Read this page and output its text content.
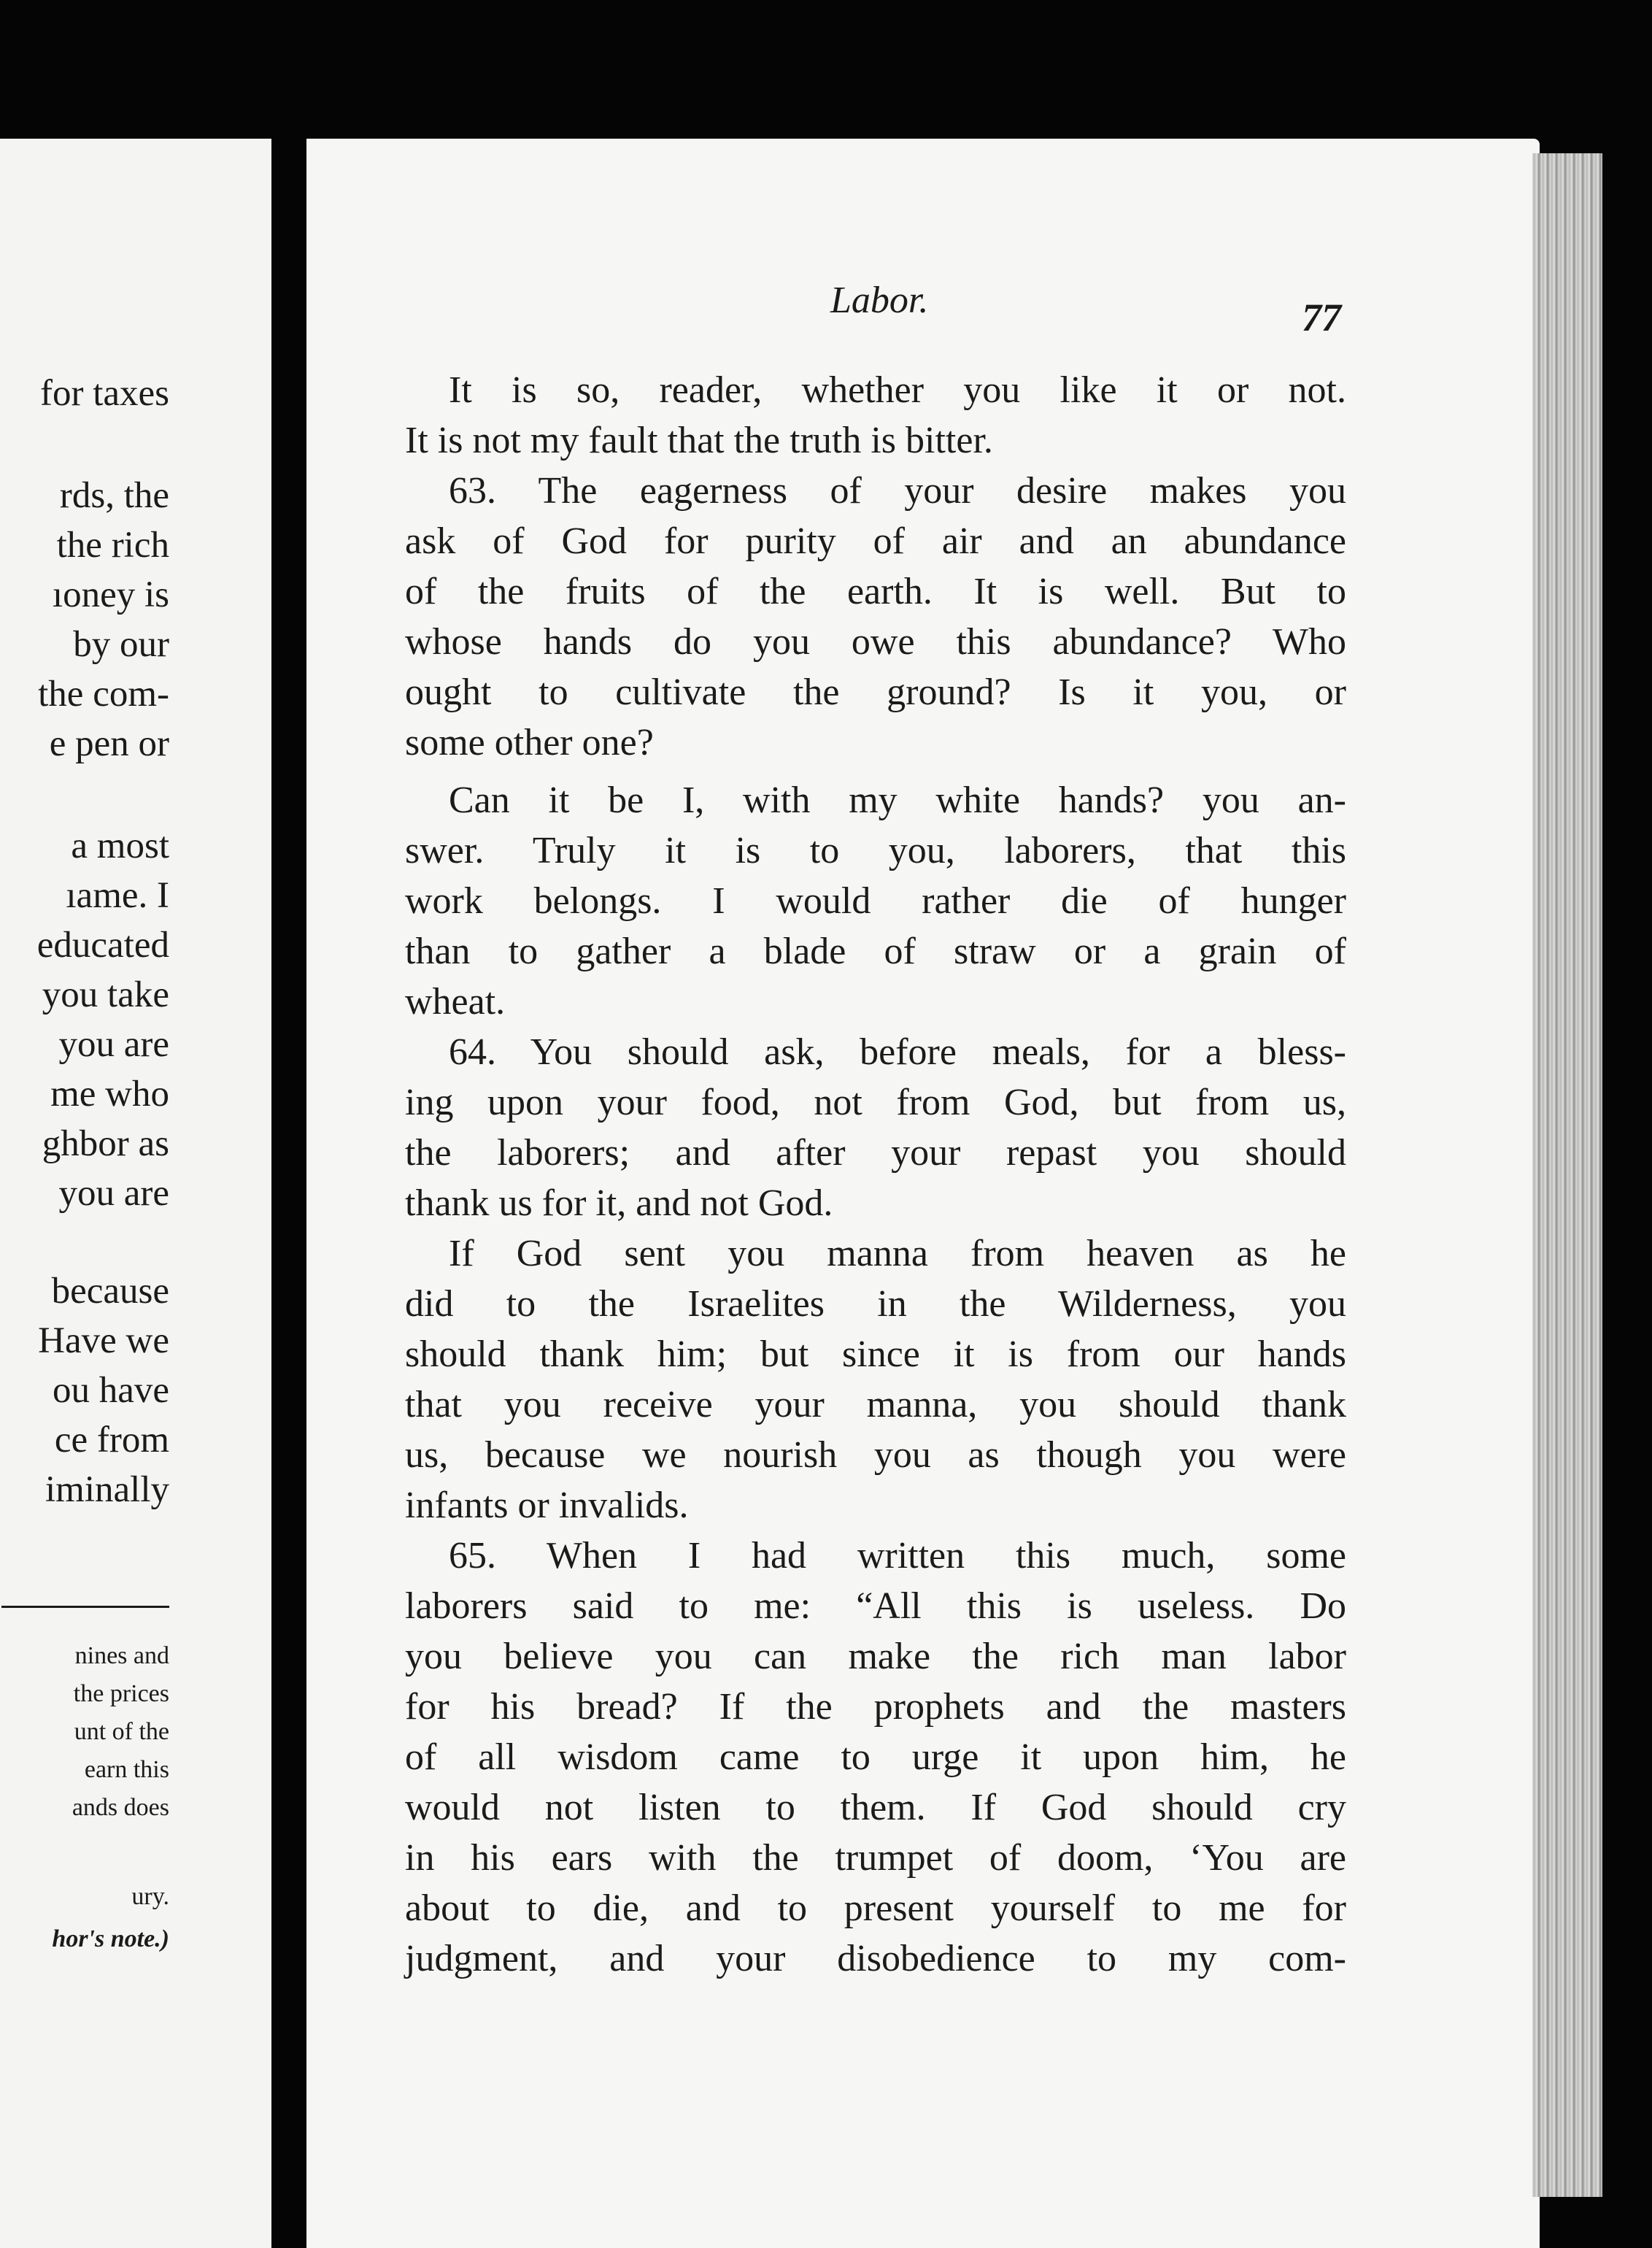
for taxes
rds, the
the rich
ıoney is
by our
the com-
e pen or
a most
ıame. I
educated
you take
you are
me who
ghbor as
you are
because
Have we
ou have
ce from
iminally
nines and
the prices
unt of the
earn this
ands does
ury.
hor's note.)
Labor.	77
It is so, reader, whether you like it or not.
It is not my fault that the truth is bitter.
63. The eagerness of your desire makes you
ask of God for purity of air and an abundance
of the fruits of the earth. It is well. But to
whose hands do you owe this abundance? Who
ought to cultivate the ground? Is it you, or
some other one?
Can it be I, with my white hands? you an-
swer. Truly it is to you, laborers, that this
work belongs. I would rather die of hunger
than to gather a blade of straw or a grain of
wheat.
64. You should ask, before meals, for a bless-
ing upon your food, not from God, but from us,
the laborers; and after your repast you should
thank us for it, and not God.
If God sent you manna from heaven as he
did to the Israelites in the Wilderness, you
should thank him; but since it is from our hands
that you receive your manna, you should thank
us, because we nourish you as though you were
infants or invalids.
65. When I had written this much, some
laborers said to me: “All this is useless. Do
you believe you can make the rich man labor
for his bread? If the prophets and the masters
of all wisdom came to urge it upon him, he
would not listen to them. If God should cry
in his ears with the trumpet of doom, ‘You are
about to die, and to present yourself to me for
judgment, and your disobedience to my com-
